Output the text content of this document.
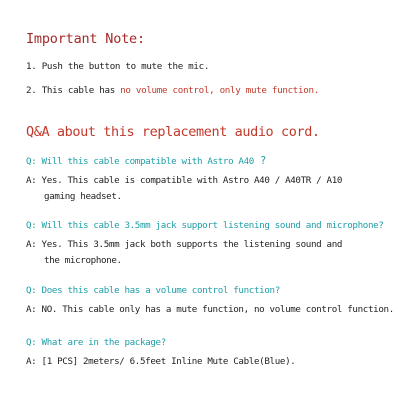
Important Note:
1. Push the button to mute the mic.
2. This cable has no volume control, only mute function.
Q&A about this replacement audio cord.
Q: Will this cable compatible with Astro A40 ?
A: Yes. This cable is compatible with Astro A40 / A40TR / A10
gaming headset.
Q: Will this cable 3.5mm jack support listening sound and microphone?
A: Yes. This 3.5mm jack both supports the listening sound and
the microphone.
Q: Does this cable has a volume control function?
A: NO. This cable only has a mute function, no volume control function.
Q: What are in the package?
A: [1 PCS] 2meters/ 6.5feet Inline Mute Cable(Blue).
